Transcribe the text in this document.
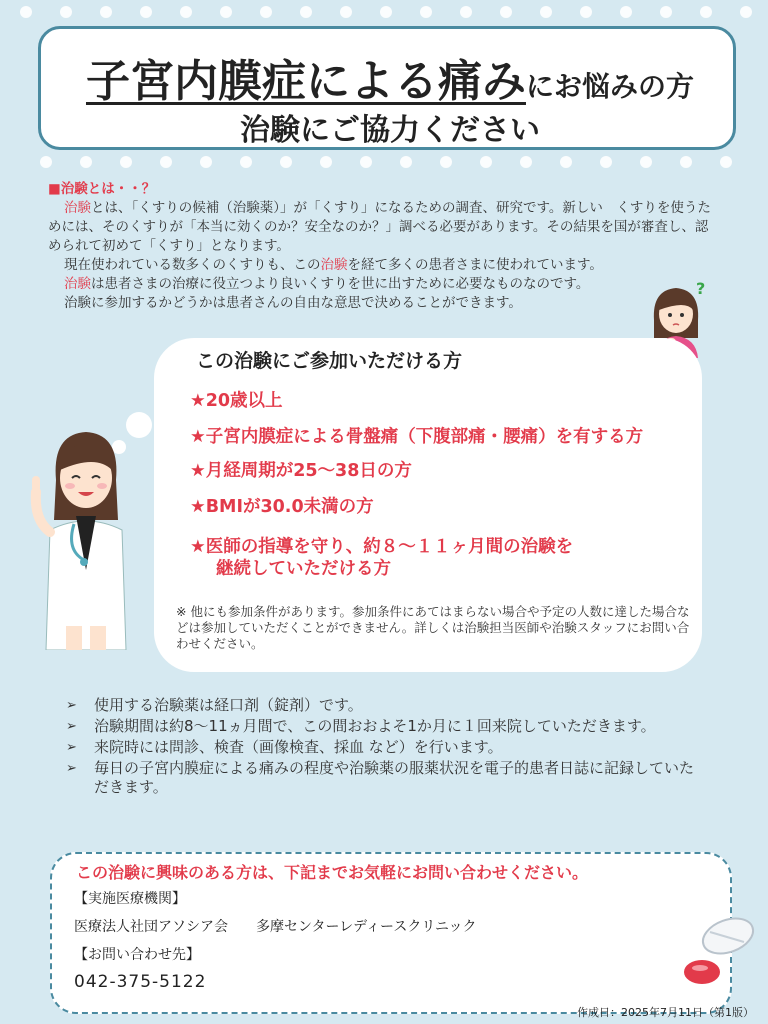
子宮内膜症による痛みにお悩みの方
治験にご協力ください

■治験とは・・？

治験とは、「くすりの候補（治験薬）」が「くすり」になるための調査、研究です。新しい　くすりを使うためには、そのくすりが「本当に効くのか？安全なのか？」調べる必要があります。その結果を国が審査し、認められて初めて「くすり」となります。

現在使われている数多くのくすりも、この治験を経て多くの患者さまに使われています。

治験は患者さまの治療に役立つより良いくすりを世に出すために必要なものなのです。

治験に参加するかどうかは患者さんの自由な意思で決めることができます。

?
この治験にご参加いただける方
★20歳以上
★子宮内膜症による骨盤痛（下腹部痛・腰痛）を有する方
★月経周期が25～38日の方
★BMIが30.0未満の方
★医師の指導を守り、約８～１１ヶ月間の治験を
継続していただける方
※ 他にも参加条件があります。参加条件にあてはまらない場合や予定の人数に達した場合などは参加していただくことができません。詳しくは治験担当医師や治験スタッフにお問い合わせください。
➢ 使用する治験薬は経口剤（錠剤）です。
➢ 治験期間は約8～11ヵ月間で、この間おおよそ1か月に１回来院していただきます。
➢ 来院時には問診、検査（画像検査、採血 など）を行います。
➢ 毎日の子宮内膜症による痛みの程度や治験薬の服薬状況を電子的患者日誌に記録していただきます。
この治験に興味のある方は、下記までお気軽にお問い合わせください。
【実施医療機関】
医療法人社団アソシア会　　多摩センターレディースクリニック
【お問い合わせ先】
042-375-5122
作成日：2025年7月11日（第1版）
